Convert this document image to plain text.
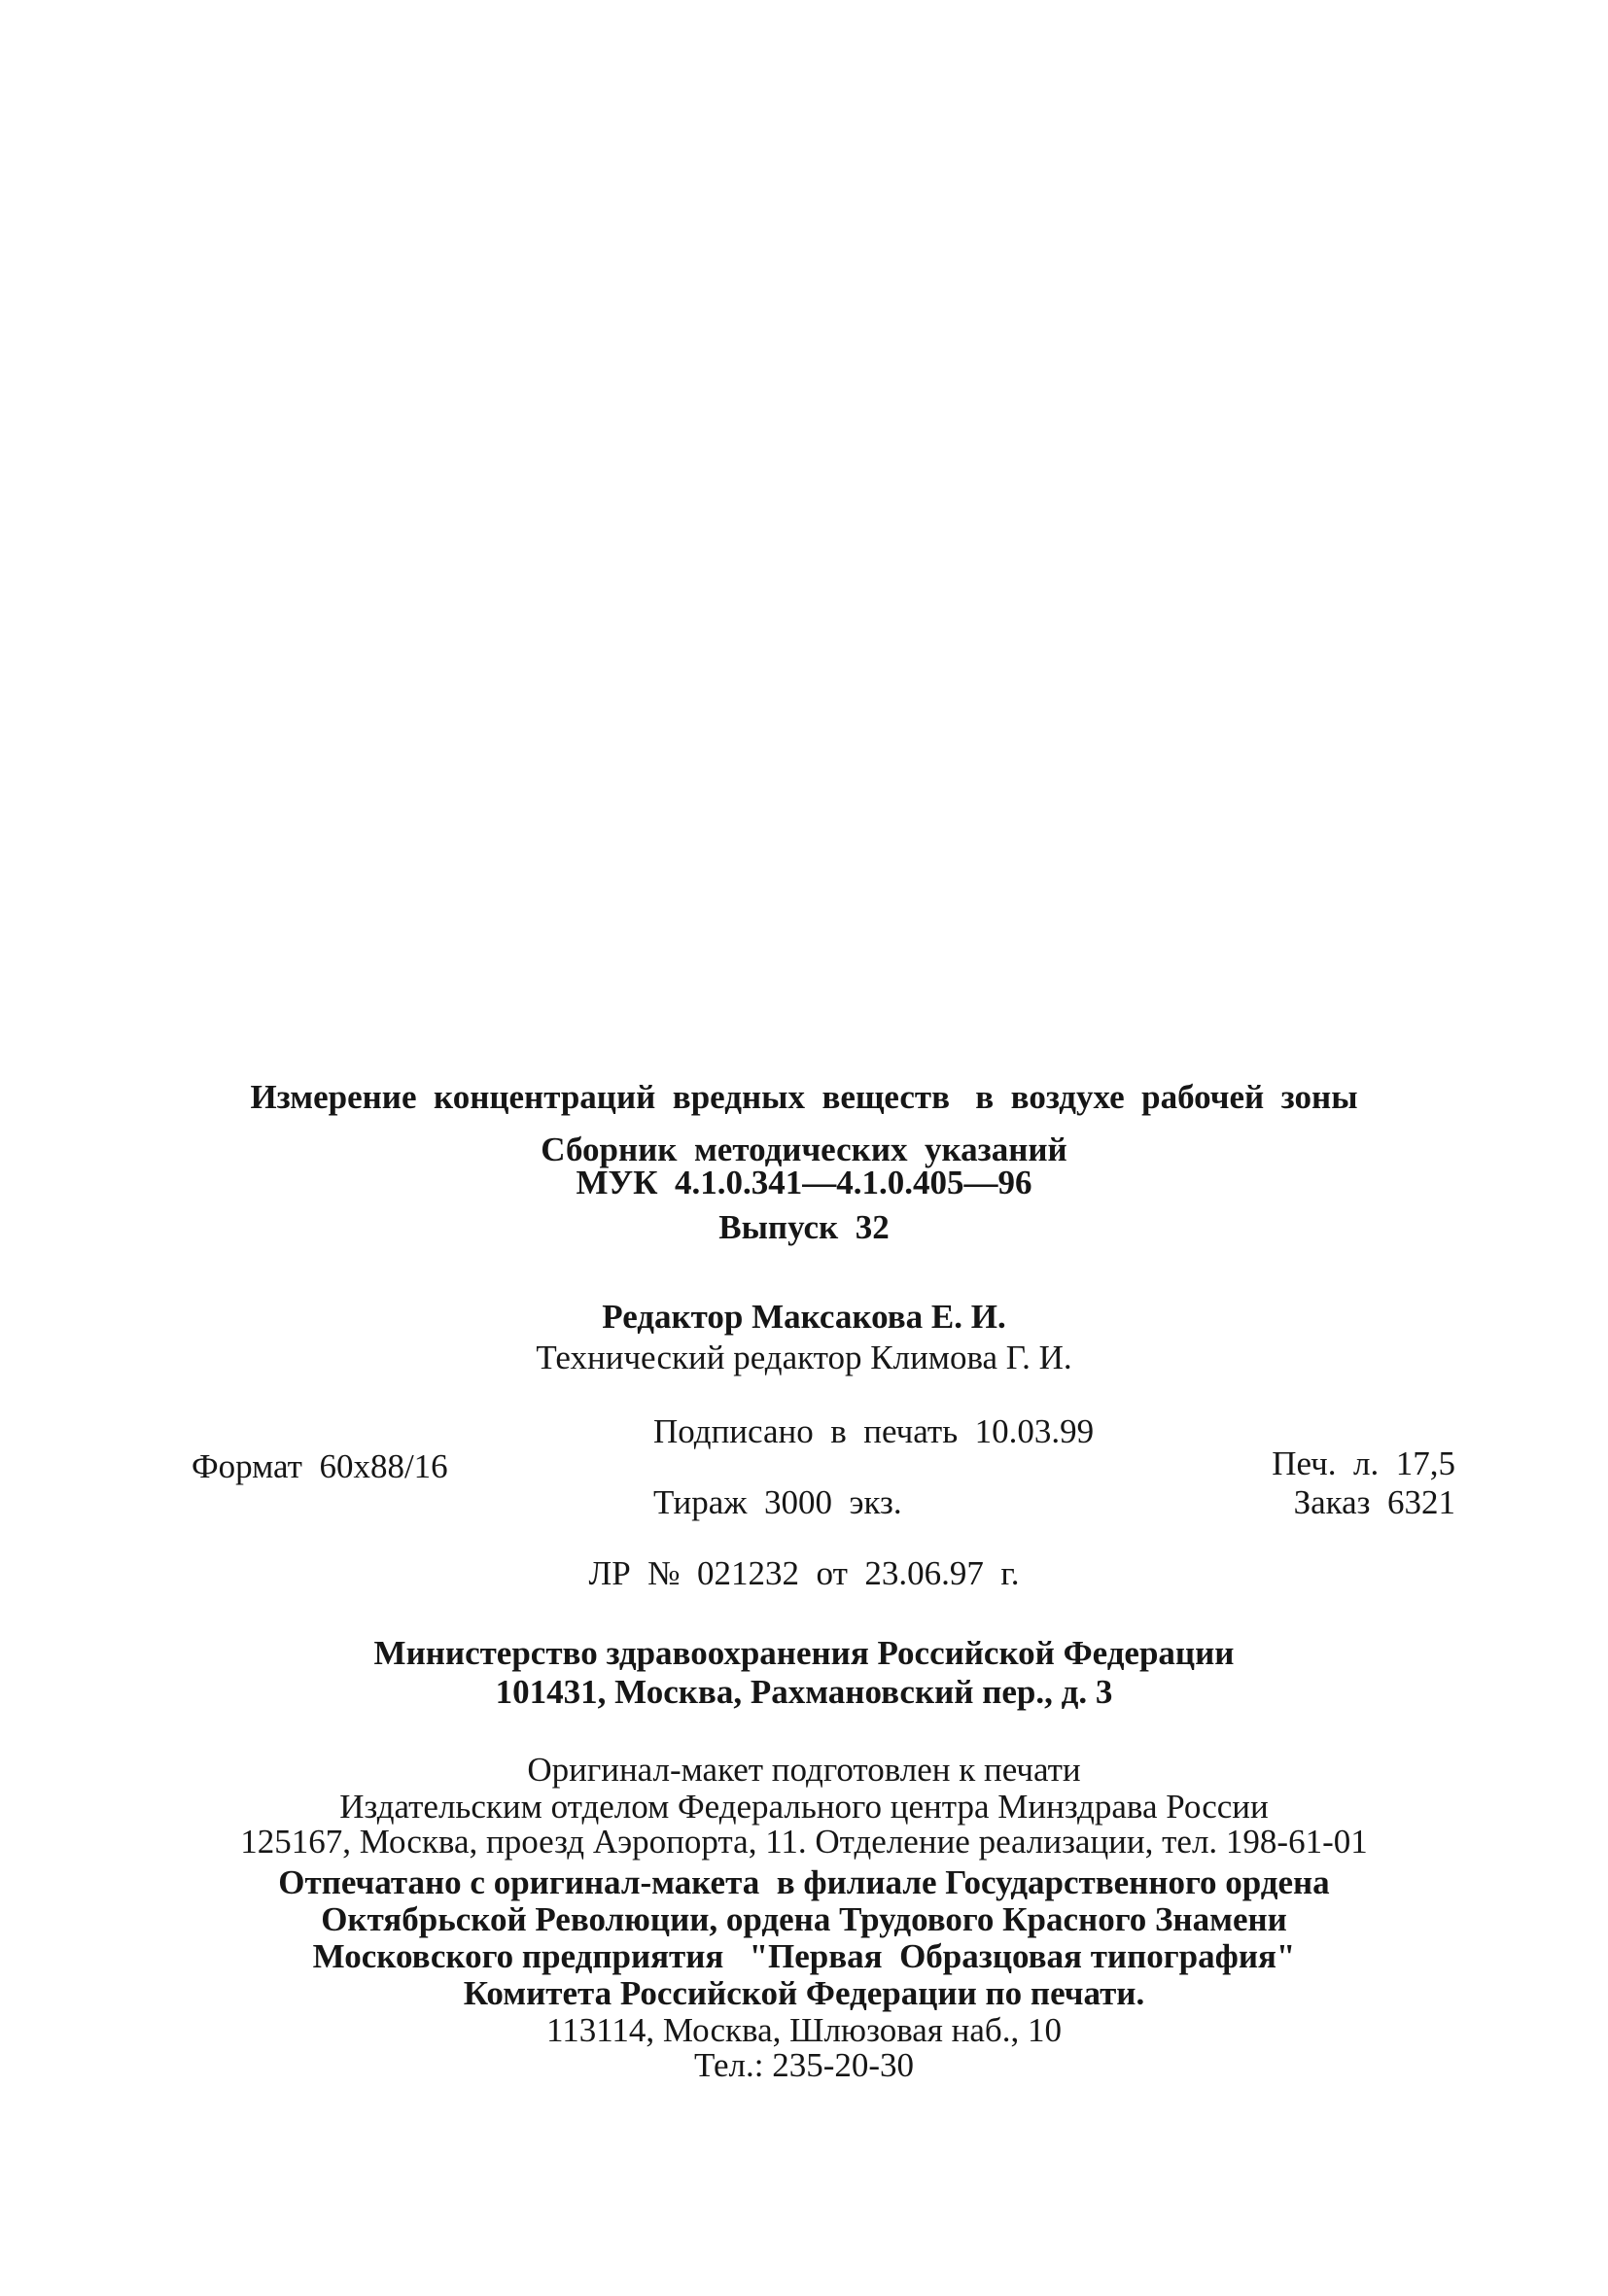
Измерение  концентраций  вредных  веществ   в  воздухе  рабочей  зоны
Сборник  методических  указаний
МУК  4.1.0.341—4.1.0.405—96
Выпуск  32
Редактор Максакова Е. И.
Технический редактор Климова Г. И.
Подписано  в  печать  10.03.99
Формат  60х88/16	Печ.  л.  17,5
Тираж  3000  экз.	Заказ  6321
ЛР  №  021232  от  23.06.97  г.
Министерство здравоохранения Российской Федерации
101431, Москва, Рахмановский пер., д. 3
Оригинал-макет подготовлен к печати
Издательским отделом Федерального центра Минздрава России
125167, Москва, проезд Аэропорта, 11. Отделение реализации, тел. 198-61-01
Отпечатано с оригинал-макета  в филиале Государственного ордена
Октябрьской Революции, ордена Трудового Красного Знамени
Московского предприятия   "Первая  Образцовая типография"
Комитета Российской Федерации по печати.
113114, Москва, Шлюзовая наб., 10
Тел.: 235-20-30
